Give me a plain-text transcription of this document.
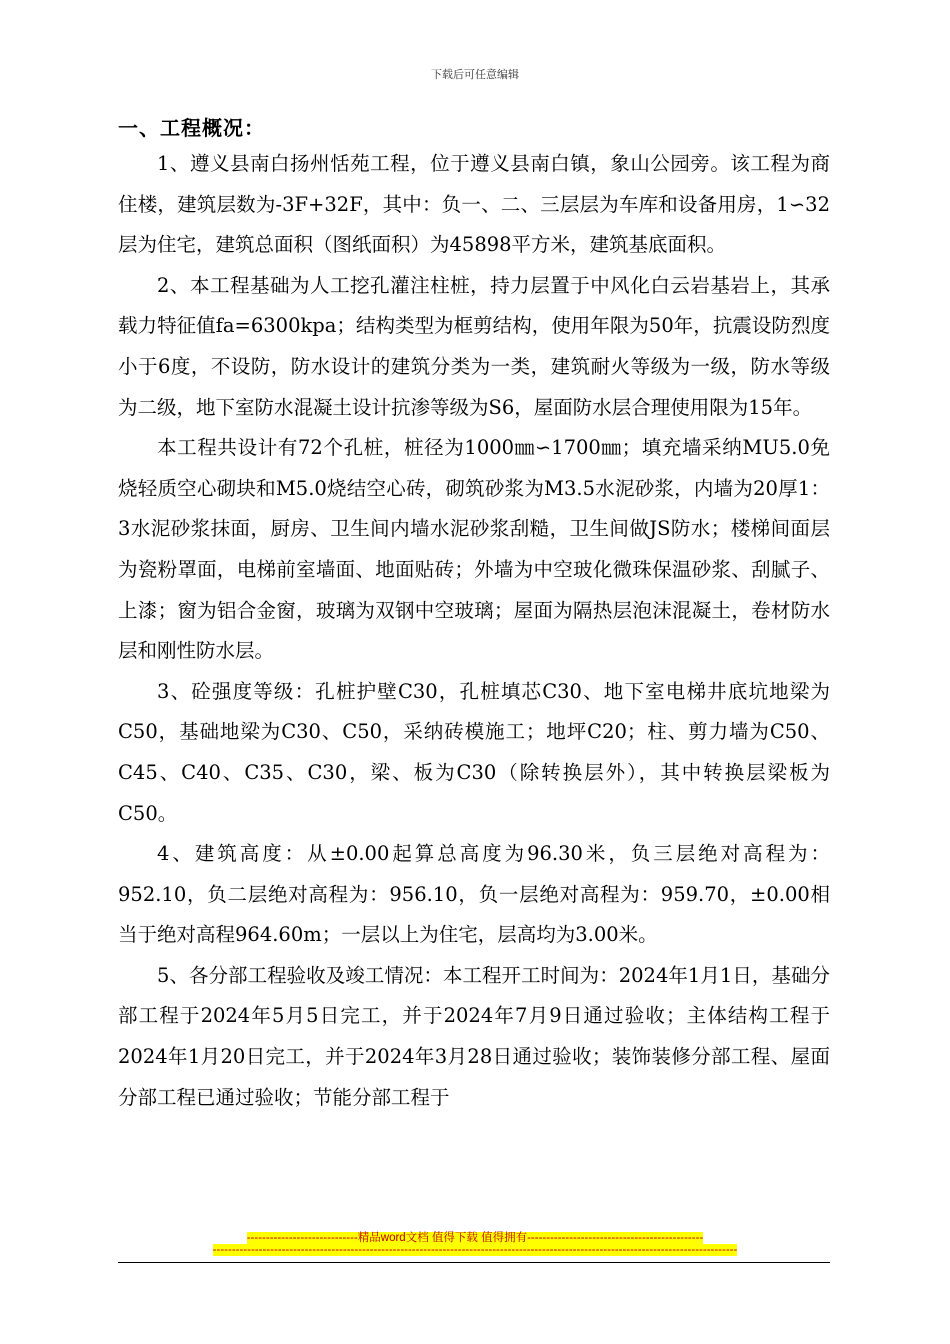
下载后可任意编辑
一、工程概况：

1、遵义县南白扬州恬苑工程，位于遵义县南白镇，象山公园旁。该工程为商住楼，建筑层数为-3F+32F，其中：负一、二、三层层为车库和设备用房，1∽32层为住宅，建筑总面积（图纸面积）为45898平方米，建筑基底面积。

2、本工程基础为人工挖孔灌注柱桩，持力层置于中风化白云岩基岩上，其承载力特征值fa=6300kpa；结构类型为框剪结构，使用年限为50年，抗震设防烈度小于6度，不设防，防水设计的建筑分类为一类，建筑耐火等级为一级，防水等级为二级，地下室防水混凝土设计抗渗等级为S6，屋面防水层合理使用限为15年。

本工程共设计有72个孔桩，桩径为1000㎜∽1700㎜；填充墙采纳MU5.0免烧轻质空心砌块和M5.0烧结空心砖，砌筑砂浆为M3.5水泥砂浆，内墙为20厚1：3水泥砂浆抹面，厨房、卫生间内墙水泥砂浆刮糙，卫生间做JS防水；楼梯间面层为瓷粉罩面，电梯前室墙面、地面贴砖；外墙为中空玻化微珠保温砂浆、刮腻子、上漆；窗为铝合金窗，玻璃为双钢中空玻璃；屋面为隔热层泡沫混凝土，卷材防水层和刚性防水层。

3、砼强度等级：孔桩护壁C30，孔桩填芯C30、地下室电梯井底坑地梁为C50，基础地梁为C30、C50，采纳砖模施工；地坪C20；柱、剪力墙为C50、C45、C40、C35、C30，梁、板为C30（除转换层外），其中转换层梁板为C50。

4、建筑高度：从±0.00起算总高度为96.30米，负三层绝对高程为：952.10，负二层绝对高程为：956.10，负一层绝对高程为：959.70，±0.00相当于绝对高程964.60m；一层以上为住宅，层高均为3.00米。

5、各分部工程验收及竣工情况：本工程开工时间为：2024年1月1日，基础分部工程于2024年5月5日完工，并于2024年7月9日通过验收；主体结构工程于2024年1月20日完工，并于2024年3月28日通过验收；装饰装修分部工程、屋面分部工程已通过验收；节能分部工程于

-----------------------------精品word文档 值得下载 值得拥有----------------------------------------------
-----------------------------------------------------------------------------------------------------------------------------------------
